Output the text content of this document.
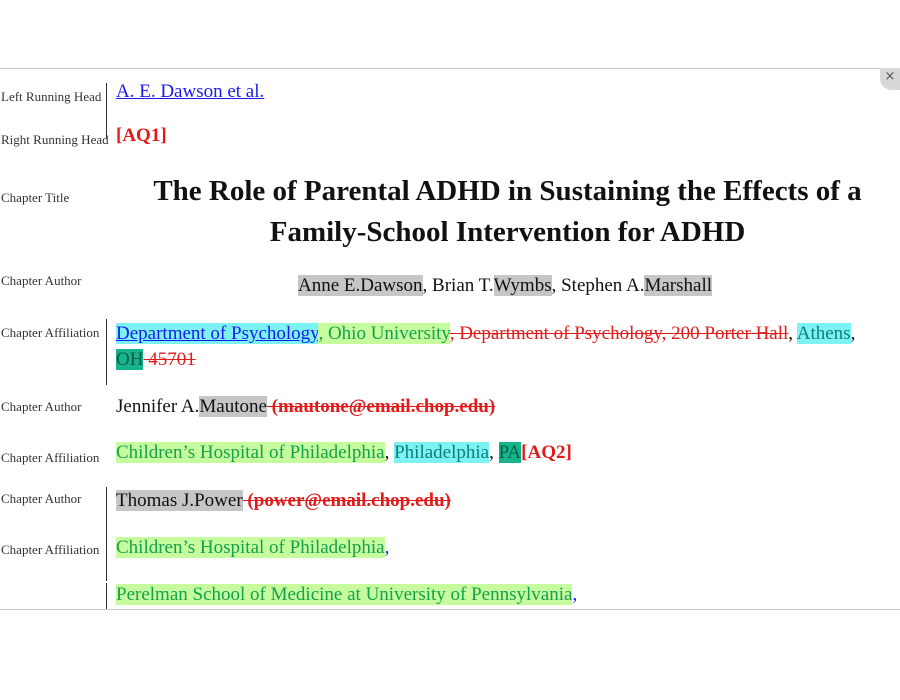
Left Running Head A. E. Dawson et al.
Right Running Head [AQ1]
Chapter Title	The Role of Parental ADHD in Sustaining the Effects of a
Family-School Intervention for ADHD
Chapter Author	Anne E.Dawson, Brian T.Wymbs, Stephen A.Marshall
Chapter Affiliation Department of Psychology, Ohio University, Department of Psychology, 200 Porter Hall, Athens,
OH 45701
Chapter Author Jennifer A.Mautone (mautone@email.chop.edu)
Chapter Affiliation Children’s Hospital of Philadelphia, Philadelphia, PA[AQ2]
Chapter Author Thomas J.Power (power@email.chop.edu)
Chapter Affiliation Children’s Hospital of Philadelphia,
Perelman School of Medicine at University of Pennsylvania,
×
